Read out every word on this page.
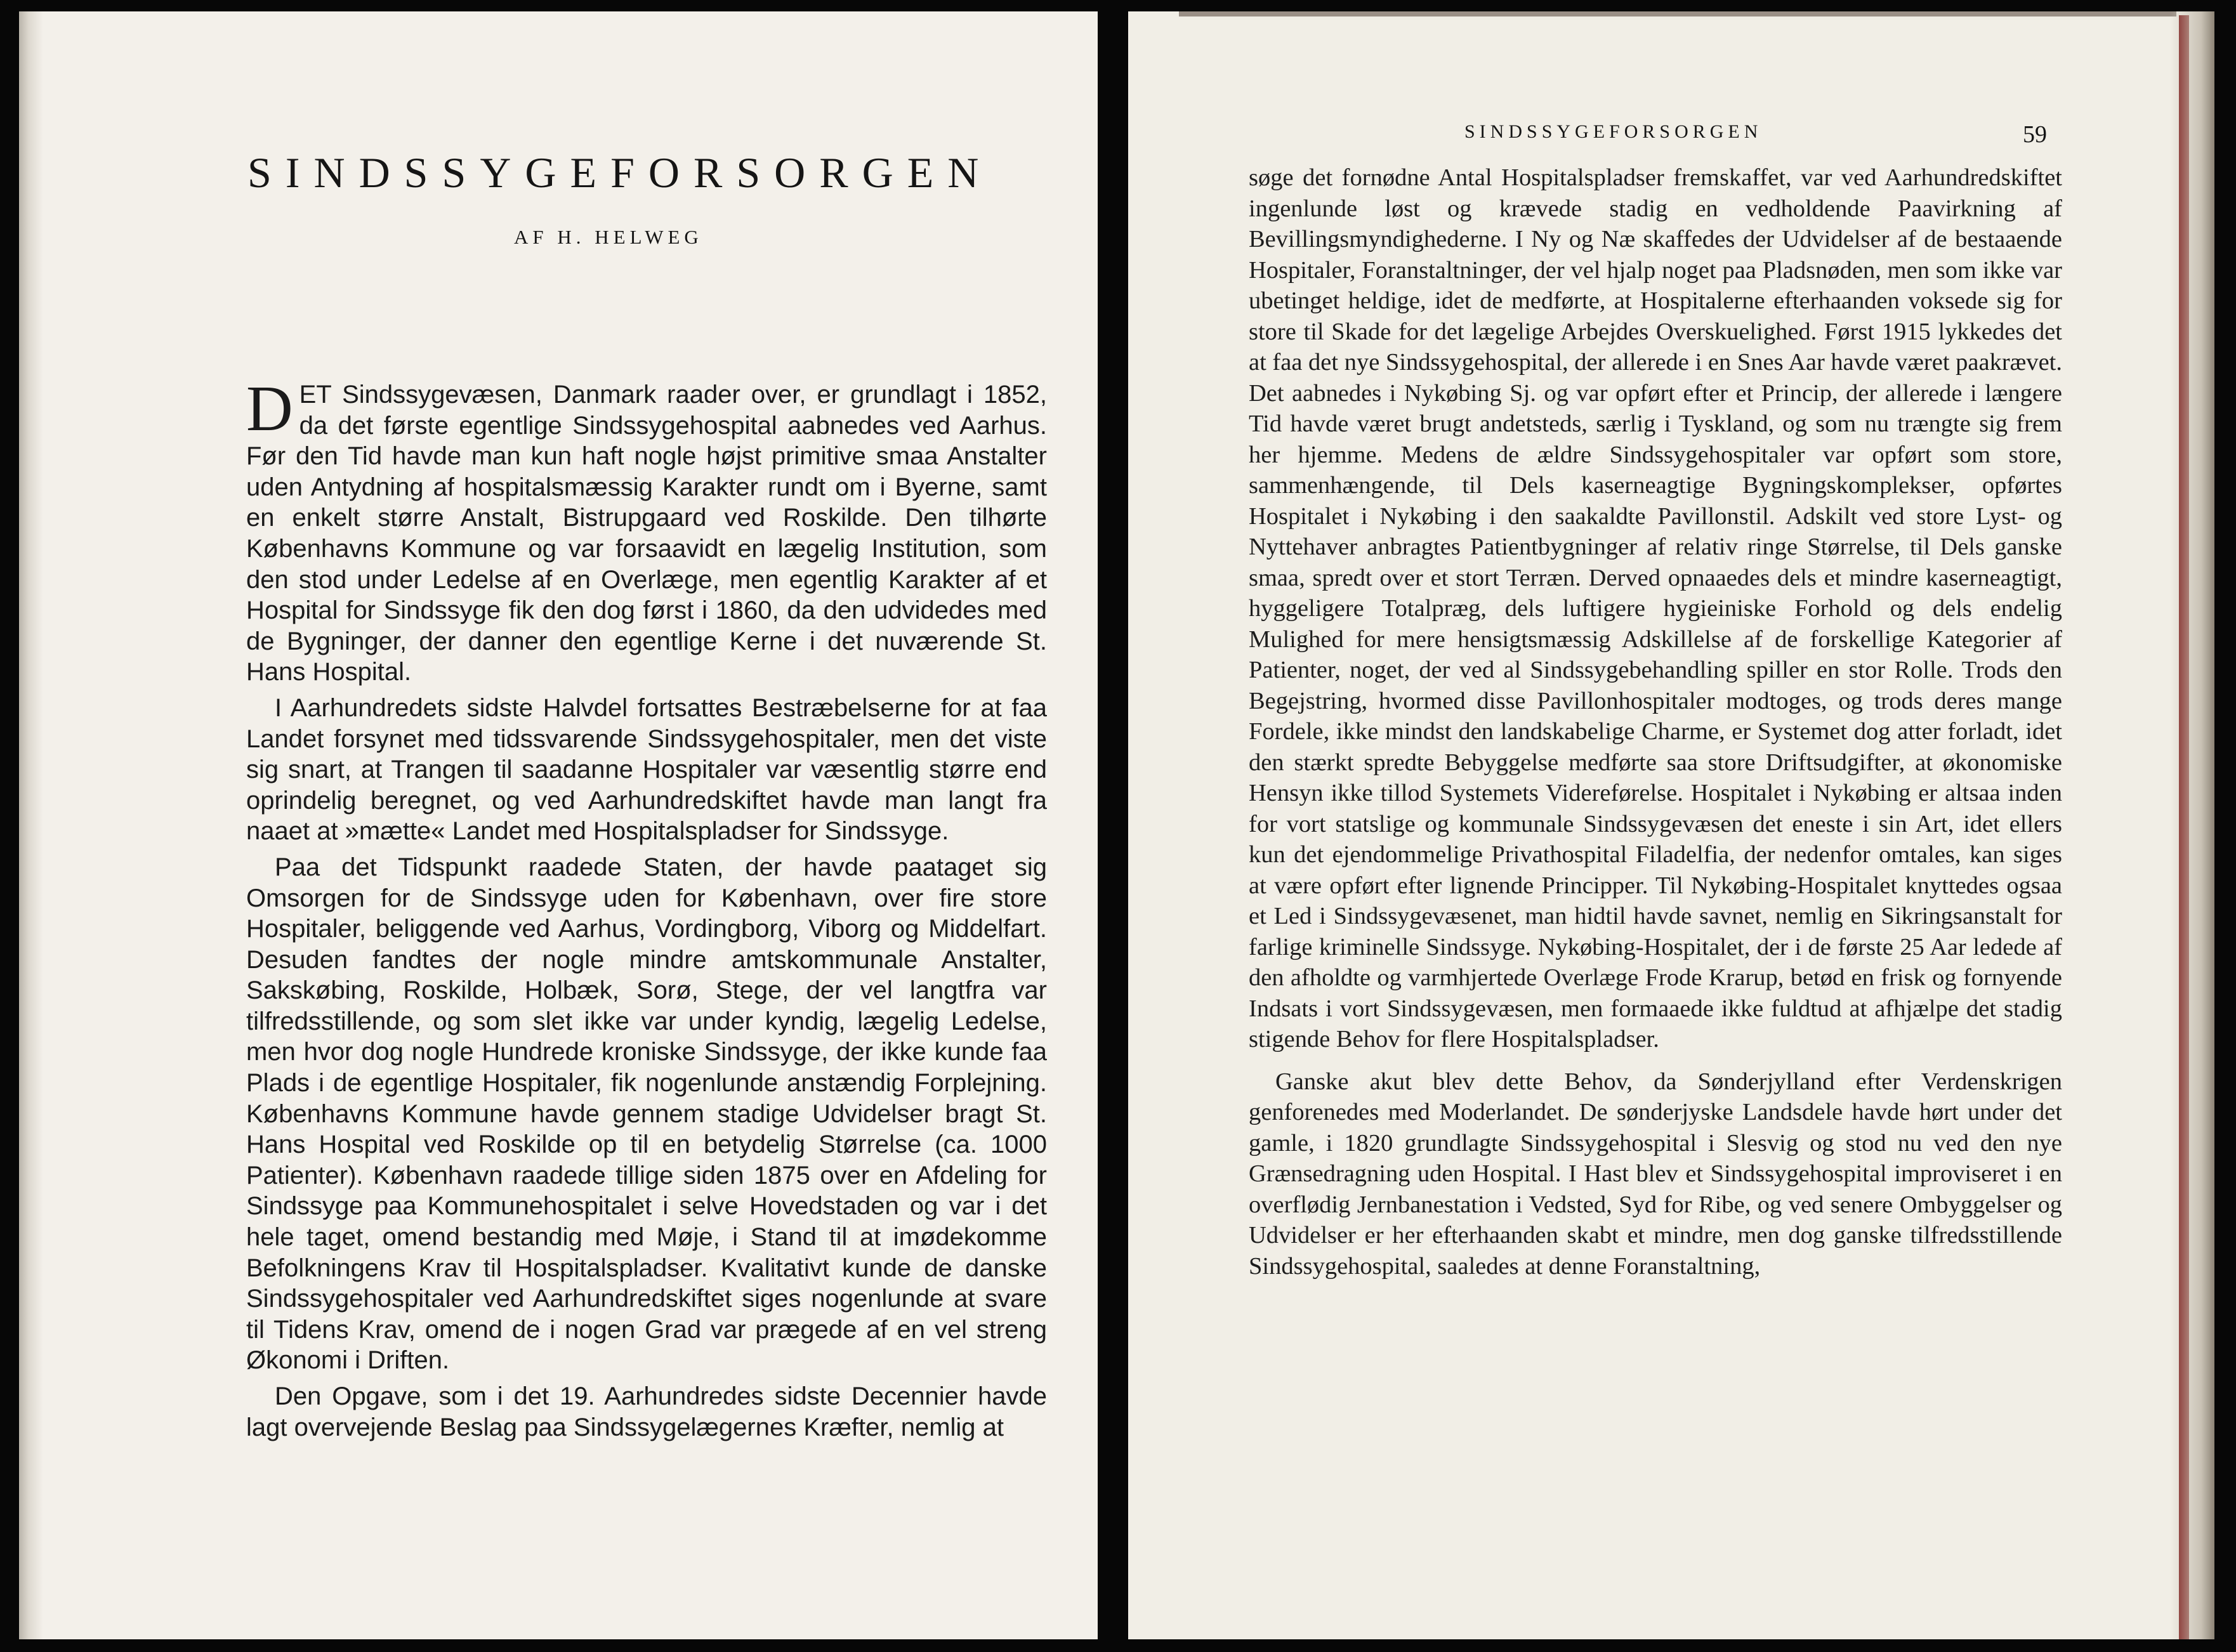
SINDSSYGEFORSORGEN
AF H. HELWEG

DET Sindssygevæsen, Danmark raader over, er grundlagt i 1852, da det første egentlige Sindssygehospital aabnedes ved Aarhus. Før den Tid havde man kun haft nogle højst primitive smaa Anstalter uden Antydning af hospitalsmæssig Karakter rundt om i Byerne, samt en enkelt større Anstalt, Bistrupgaard ved Roskilde. Den tilhørte Københavns Kommune og var forsaavidt en lægelig Institution, som den stod under Ledelse af en Overlæge, men egentlig Karakter af et Hospital for Sindssyge fik den dog først i 1860, da den udvidedes med de Bygninger, der danner den egentlige Kerne i det nuværende St. Hans Hospital.

I Aarhundredets sidste Halvdel fortsattes Bestræbelserne for at faa Landet forsynet med tidssvarende Sindssygehospitaler, men det viste sig snart, at Trangen til saadanne Hospitaler var væsentlig større end oprindelig beregnet, og ved Aarhundredskiftet havde man langt fra naaet at »mætte« Landet med Hospitalspladser for Sindssyge.

Paa det Tidspunkt raadede Staten, der havde paataget sig Omsorgen for de Sindssyge uden for København, over fire store Hospitaler, beliggende ved Aarhus, Vordingborg, Viborg og Middelfart. Desuden fandtes der nogle mindre amtskommunale Anstalter, Sakskøbing, Roskilde, Holbæk, Sorø, Stege, der vel langtfra var tilfredsstillende, og som slet ikke var under kyndig, lægelig Ledelse, men hvor dog nogle Hundrede kroniske Sindssyge, der ikke kunde faa Plads i de egentlige Hospitaler, fik nogenlunde anstændig Forplejning. Københavns Kommune havde gennem stadige Udvidelser bragt St. Hans Hospital ved Roskilde op til en betydelig Størrelse (ca. 1000 Patienter). København raadede tillige siden 1875 over en Afdeling for Sindssyge paa Kommunehospitalet i selve Hovedstaden og var i det hele taget, omend bestandig med Møje, i Stand til at imødekomme Befolkningens Krav til Hospitalspladser. Kvalitativt kunde de danske Sindssygehospitaler ved Aarhundredskiftet siges nogenlunde at svare til Tidens Krav, omend de i nogen Grad var prægede af en vel streng Økonomi i Driften.

Den Opgave, som i det 19. Aarhundredes sidste Decennier havde lagt overvejende Beslag paa Sindssygelægernes Kræfter, nemlig at

SINDSSYGEFORSORGEN	59

søge det fornødne Antal Hospitalspladser fremskaffet, var ved Aarhundredskiftet ingenlunde løst og krævede stadig en vedholdende Paavirkning af Bevillingsmyndighederne. I Ny og Næ skaffedes der Udvidelser af de bestaaende Hospitaler, Foranstaltninger, der vel hjalp noget paa Pladsnøden, men som ikke var ubetinget heldige, idet de medførte, at Hospitalerne efterhaanden voksede sig for store til Skade for det lægelige Arbejdes Overskuelighed. Først 1915 lykkedes det at faa det nye Sindssygehospital, der allerede i en Snes Aar havde været paakrævet. Det aabnedes i Nykøbing Sj. og var opført efter et Princip, der allerede i længere Tid havde været brugt andetsteds, særlig i Tyskland, og som nu trængte sig frem her hjemme. Medens de ældre Sindssygehospitaler var opført som store, sammenhængende, til Dels kaserneagtige Bygningskomplekser, opførtes Hospitalet i Nykøbing i den saakaldte Pavillonstil. Adskilt ved store Lyst- og Nyttehaver anbragtes Patientbygninger af relativ ringe Størrelse, til Dels ganske smaa, spredt over et stort Terræn. Derved opnaaedes dels et mindre kaserneagtigt, hyggeligere Totalpræg, dels luftigere hygieiniske Forhold og dels endelig Mulighed for mere hensigtsmæssig Adskillelse af de forskellige Kategorier af Patienter, noget, der ved al Sindssygebehandling spiller en stor Rolle. Trods den Begejstring, hvormed disse Pavillonhospitaler modtoges, og trods deres mange Fordele, ikke mindst den landskabelige Charme, er Systemet dog atter forladt, idet den stærkt spredte Bebyggelse medførte saa store Driftsudgifter, at økonomiske Hensyn ikke tillod Systemets Videreførelse. Hospitalet i Nykøbing er altsaa inden for vort statslige og kommunale Sindssygevæsen det eneste i sin Art, idet ellers kun det ejendommelige Privathospital Filadelfia, der nedenfor omtales, kan siges at være opført efter lignende Principper. Til Nykøbing-Hospitalet knyttedes ogsaa et Led i Sindssygevæsenet, man hidtil havde savnet, nemlig en Sikringsanstalt for farlige kriminelle Sindssyge. Nykøbing-Hospitalet, der i de første 25 Aar ledede af den afholdte og varmhjertede Overlæge Frode Krarup, betød en frisk og fornyende Indsats i vort Sindssygevæsen, men formaaede ikke fuldtud at afhjælpe det stadig stigende Behov for flere Hospitalspladser.

Ganske akut blev dette Behov, da Sønderjylland efter Verdenskrigen genforenedes med Moderlandet. De sønderjyske Landsdele havde hørt under det gamle, i 1820 grundlagte Sindssygehospital i Slesvig og stod nu ved den nye Grænsedragning uden Hospital. I Hast blev et Sindssygehospital improviseret i en overflødig Jernbanestation i Vedsted, Syd for Ribe, og ved senere Ombyggelser og Udvidelser er her efterhaanden skabt et mindre, men dog ganske tilfredsstillende Sindssygehospital, saaledes at denne Foranstaltning,
